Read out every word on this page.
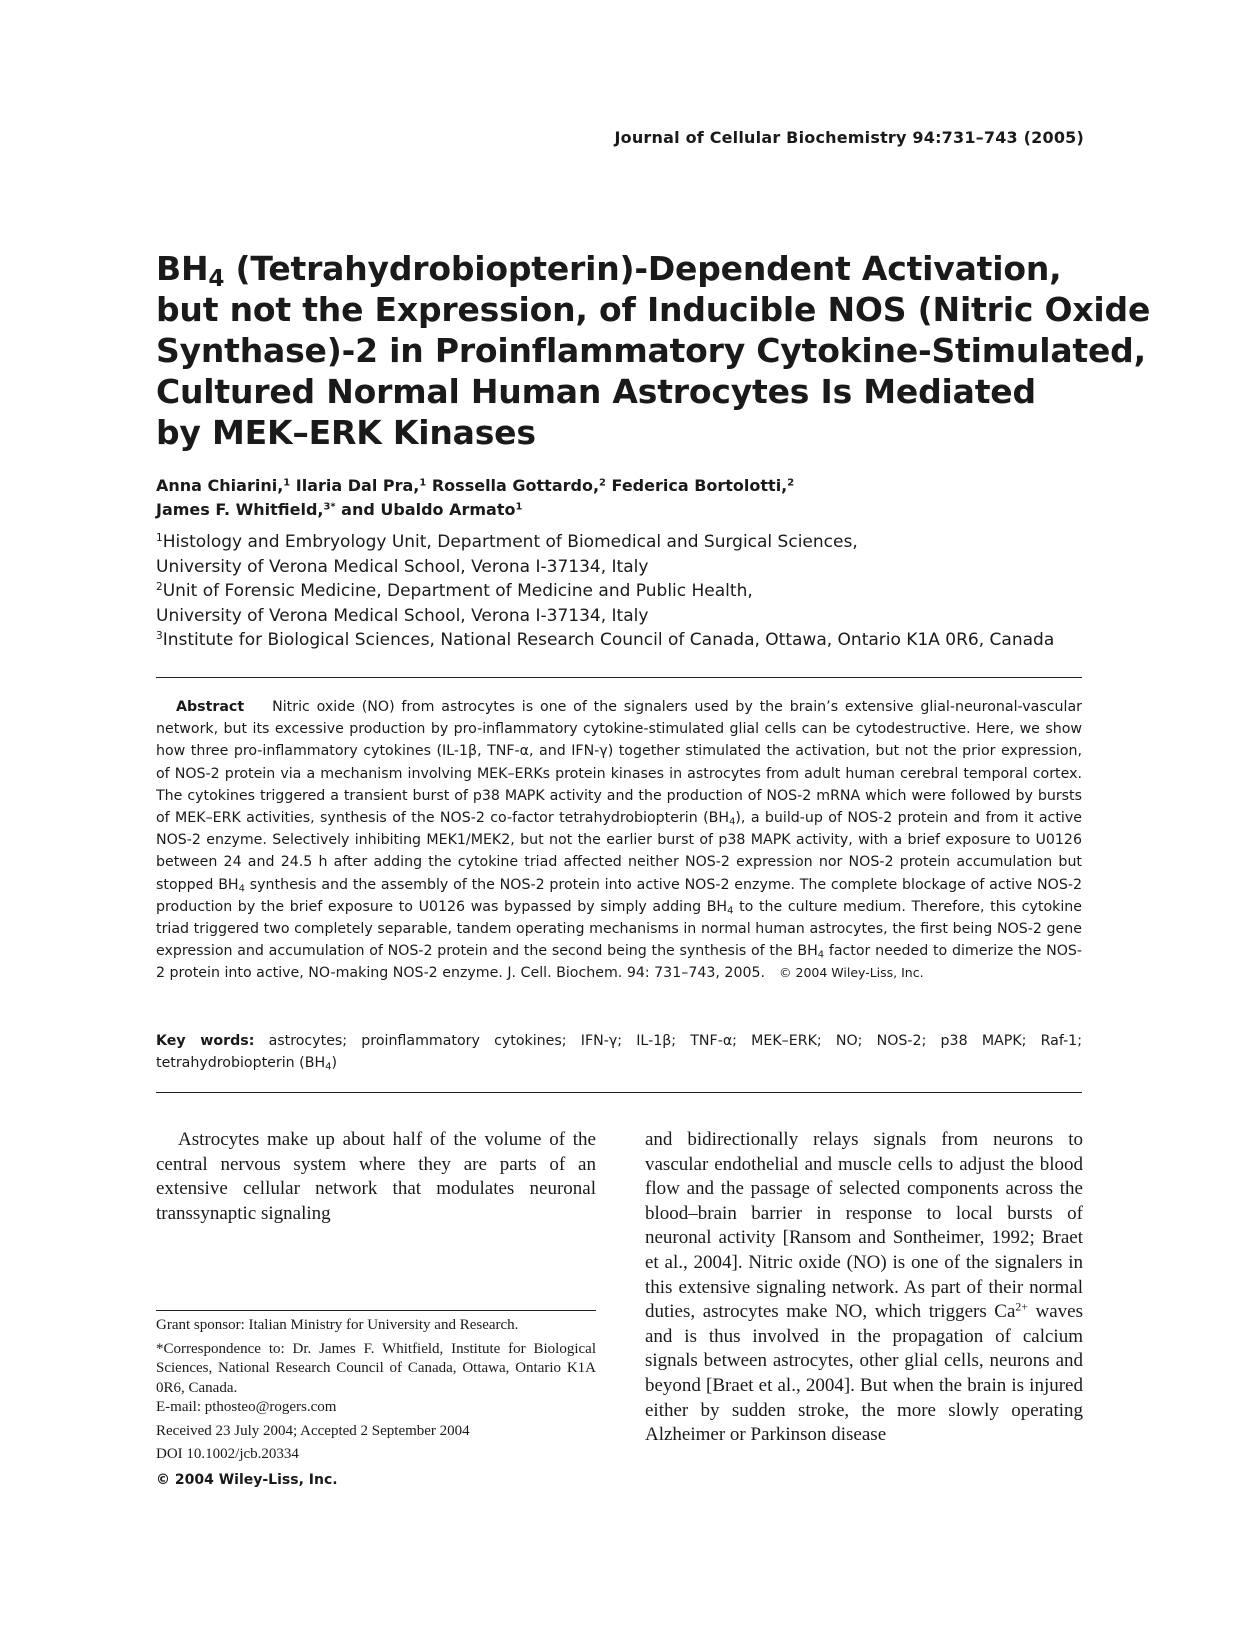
Journal of Cellular Biochemistry 94:731–743 (2005)
$BH_4$ (Tetrahydrobiopterin)-Dependent Activation,
but not the Expression, of Inducible NOS (Nitric Oxide
Synthase)-2 in Proinflammatory Cytokine-Stimulated,
Cultured Normal Human Astrocytes Is Mediated
by MEK–ERK Kinases
Anna Chiarini,$^1$ Ilaria Dal Pra,$^1$ Rossella Gottardo,$^2$ Federica Bortolotti,$^2$
James F. Whitfield,$^{3*}$ and Ubaldo Armato$^1$
$^1$Histology and Embryology Unit, Department of Biomedical and Surgical Sciences,
University of Verona Medical School, Verona I-37134, Italy
$^2$Unit of Forensic Medicine, Department of Medicine and Public Health,
University of Verona Medical School, Verona I-37134, Italy
$^3$Institute for Biological Sciences, National Research Council of Canada, Ottawa, Ontario K1A 0R6, Canada

Abstract Nitric oxide (NO) from astrocytes is one of the signalers used by the brain’s extensive glial-neuronal-vascular network, but its excessive production by pro-inflammatory cytokine-stimulated glial cells can be cytodestructive. Here, we show how three pro-inflammatory cytokines (IL-1β, TNF-α, and IFN-γ) together stimulated the activation, but not the prior expression, of NOS-2 protein via a mechanism involving MEK–ERKs protein kinases in astrocytes from adult human cerebral temporal cortex. The cytokines triggered a transient burst of p38 MAPK activity and the production of NOS-2 mRNA which were followed by bursts of MEK–ERK activities, synthesis of the NOS-2 co-factor tetrahydrobiopterin $(BH_4)$, a build-up of NOS-2 protein and from it active NOS-2 enzyme. Selectively inhibiting MEK1/MEK2, but not the earlier burst of p38 MAPK activity, with a brief exposure to U0126 between 24 and 24.5 h after adding the cytokine triad affected neither NOS-2 expression nor NOS-2 protein accumulation but stopped $BH_4$ synthesis and the assembly of the NOS-2 protein into active NOS-2 enzyme. The complete blockage of active NOS-2 production by the brief exposure to U0126 was bypassed by simply adding $BH_4$ to the culture medium. Therefore, this cytokine triad triggered two completely separable, tandem operating mechanisms in normal human astrocytes, the first being NOS-2 gene expression and accumulation of NOS-2 protein and the second being the synthesis of the $BH_4$ factor needed to dimerize the NOS-2 protein into active, NO-making NOS-2 enzyme. J. Cell. Biochem. 94: 731–743, 2005. © 2004 Wiley-Liss, Inc.

Key words: astrocytes; proinflammatory cytokines; IFN-γ; IL-1β; TNF-α; MEK–ERK; NO; NOS-2; p38 MAPK; Raf-1; tetrahydrobiopterin $(BH_4)$

Astrocytes make up about half of the volume of the central nervous system where they are parts of an extensive cellular network that modulates neuronal transsynaptic signaling

and bidirectionally relays signals from neurons to vascular endothelial and muscle cells to adjust the blood flow and the passage of selected components across the blood–brain barrier in response to local bursts of neuronal activity [Ransom and Sontheimer, 1992; Braet et al., 2004]. Nitric oxide (NO) is one of the signalers in this extensive signaling network. As part of their normal duties, astrocytes make NO, which triggers $Ca^{2+}$ waves and is thus involved in the propagation of calcium signals between astrocytes, other glial cells, neurons and beyond [Braet et al., 2004]. But when the brain is injured either by sudden stroke, the more slowly operating Alzheimer or Parkinson disease

Grant sponsor: Italian Ministry for University and Research.

*Correspondence to: Dr. James F. Whitfield, Institute for Biological Sciences, National Research Council of Canada, Ottawa, Ontario K1A 0R6, Canada.

E-mail: pthosteo@rogers.com

Received 23 July 2004; Accepted 2 September 2004

DOI 10.1002/jcb.20334

© 2004 Wiley-Liss, Inc.
